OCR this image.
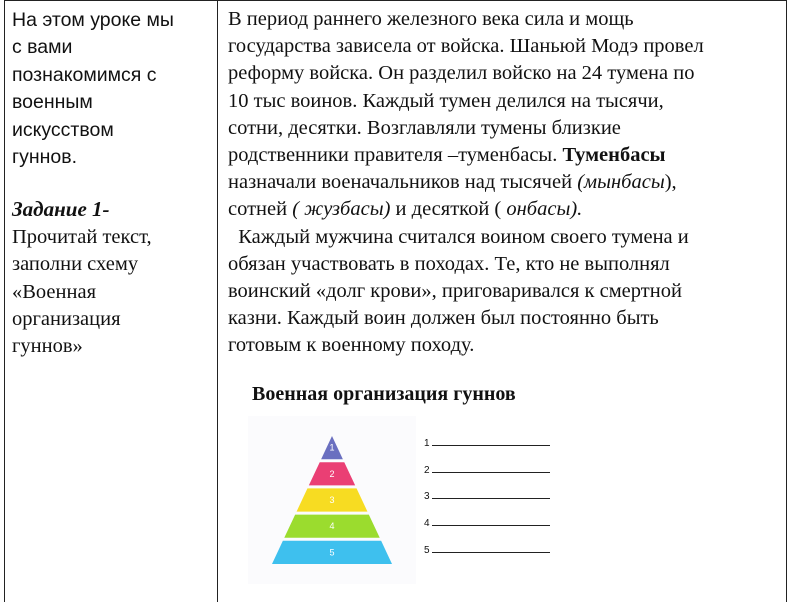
На этом уроке мы

с вами

познакомимся с

военным

искусством

гуннов.

Задание 1-

Прочитай текст,

заполни схему

«Военная

организация

гуннов»

В период раннего железного века сила и мощь

государства зависела от войска. Шаньюй Модэ провел

реформу войска. Он разделил войско на 24 тумена по

10 тыс воинов. Каждый тумен делился на тысячи,

сотни, десятки. Возглавляли тумены близкие

родственники правителя –туменбасы. Туменбасы

назначали военачальников над тысячей (мынбасы),

сотней ( жузбасы) и десяткой ( онбасы).

Каждый мужчина считался воином своего тумена и

обязан участвовать в походах. Те, кто не выполнял

воинский «долг крови», приговаривался к смертной

казни. Каждый воин должен был постоянно быть

готовым к военному походу.

Военная организация гуннов
1
2
3
4
5
1
2
3
4
5
